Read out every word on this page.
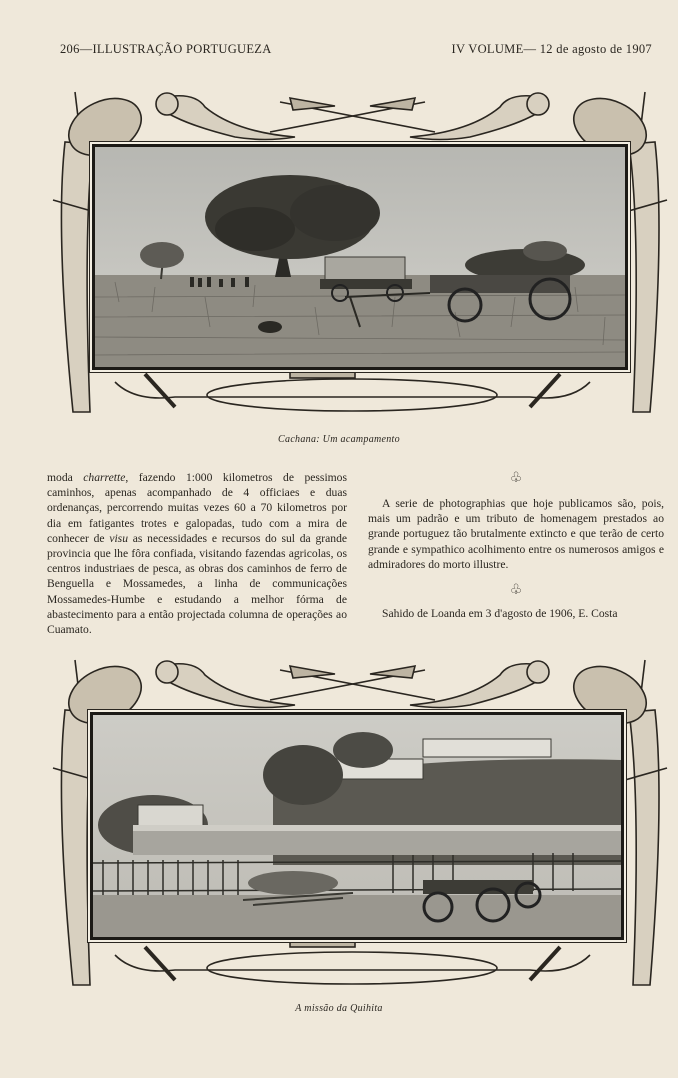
206—ILLUSTRAÇÃO PORTUGUEZA	IV VOLUME— 12 de agosto de 1907
Cachana: Um acampamento

moda charrette, fazendo 1:000 kilometros de pessimos caminhos, apenas acompanhado de 4 officiaes e duas ordenanças, percorrendo muitas vezes 60 a 70 kilometros por dia em fatigantes trotes e galopadas, tudo com a mira de conhecer de visu as necessidades e recursos do sul da grande provincia que lhe fôra confiada, visitando fazendas agricolas, os centros industriaes de pesca, as obras dos caminhos de ferro de Benguella e Mossamedes, a linha de communicações Mossamedes-Humbe e estudando a melhor fórma de abastecimento para a então projectada columna de operações ao Cuamato.

♧

A serie de photographias que hoje publicamos são, pois, mais um padrão e um tributo de homenagem prestados ao grande portuguez tão brutalmente extincto e que terão de certo grande e sympathico acolhimento entre os numerosos amigos e admiradores do morto illustre.

♧

Sahido de Loanda em 3 d'agosto de 1906, E. Costa

A missão da Quihita
